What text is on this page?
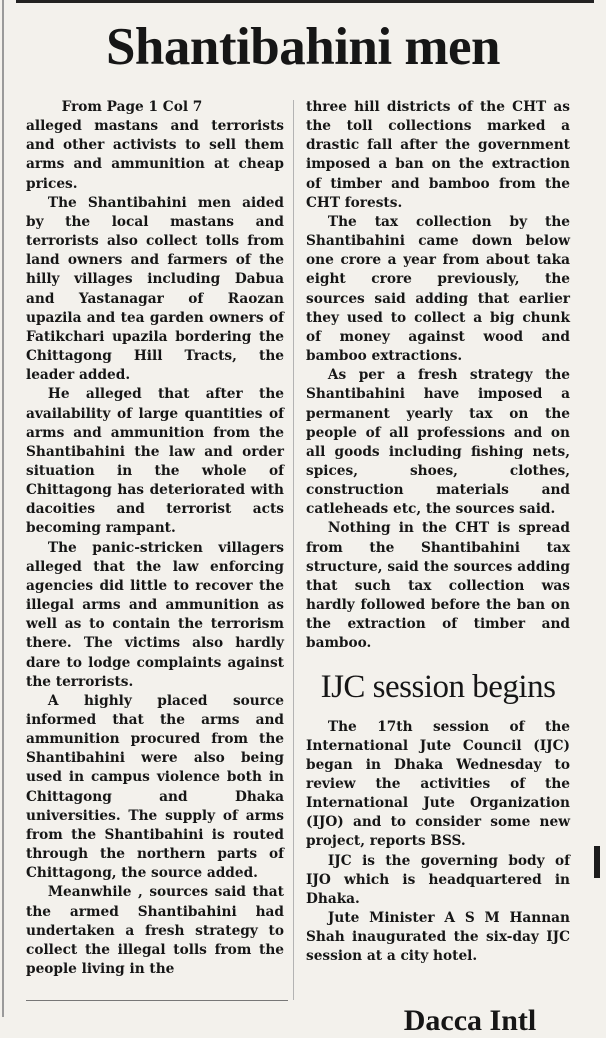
Shantibahini men
From Page 1 Col 7

alleged mastans and terrorists and other activists to sell them arms and ammunition at cheap prices.

The Shantibahini men aided by the local mastans and terrorists also collect tolls from land owners and farmers of the hilly villages including Dabua and Yastanagar of Raozan upazila and tea garden owners of Fatikchari upazila bordering the Chittagong Hill Tracts, the leader added.

He alleged that after the availability of large quantities of arms and ammunition from the Shantibahini the law and order situation in the whole of Chittagong has deteriorated with dacoities and terrorist acts becoming rampant.

The panic-stricken villagers alleged that the law enforcing agencies did little to recover the illegal arms and ammunition as well as to contain the terrorism there. The victims also hardly dare to lodge complaints against the terrorists.

A highly placed source informed that the arms and ammunition procured from the Shantibahini were also being used in campus violence both in Chittagong and Dhaka universities. The supply of arms from the Shantibahini is routed through the northern parts of Chittagong, the source added.

Meanwhile , sources said that the armed Shantibahini had undertaken a fresh strategy to collect the illegal tolls from the people living in the

three hill districts of the CHT as the toll collections marked a drastic fall after the government imposed a ban on the extraction of timber and bamboo from the CHT forests.

The tax collection by the Shantibahini came down below one crore a year from about taka eight crore previously, the sources said adding that earlier they used to collect a big chunk of money against wood and bamboo extractions.

As per a fresh strategy the Shantibahini have imposed a permanent yearly tax on the people of all professions and on all goods including fishing nets, spices, shoes, clothes, construction materials and catleheads etc, the sources said.

Nothing in the CHT is spread from the Shantibahini tax structure, said the sources adding that such tax collection was hardly followed before the ban on the extraction of timber and bamboo.

IJC session begins

The 17th session of the International Jute Council (IJC) began in Dhaka Wednesday to review the activities of the International Jute Organization (IJO) and to consider some new project, reports BSS.

IJC is the governing body of IJO which is headquartered in Dhaka.

Jute Minister A S M Hannan Shah inaugurated the six-day IJC session at a city hotel.

Dacca Intl
